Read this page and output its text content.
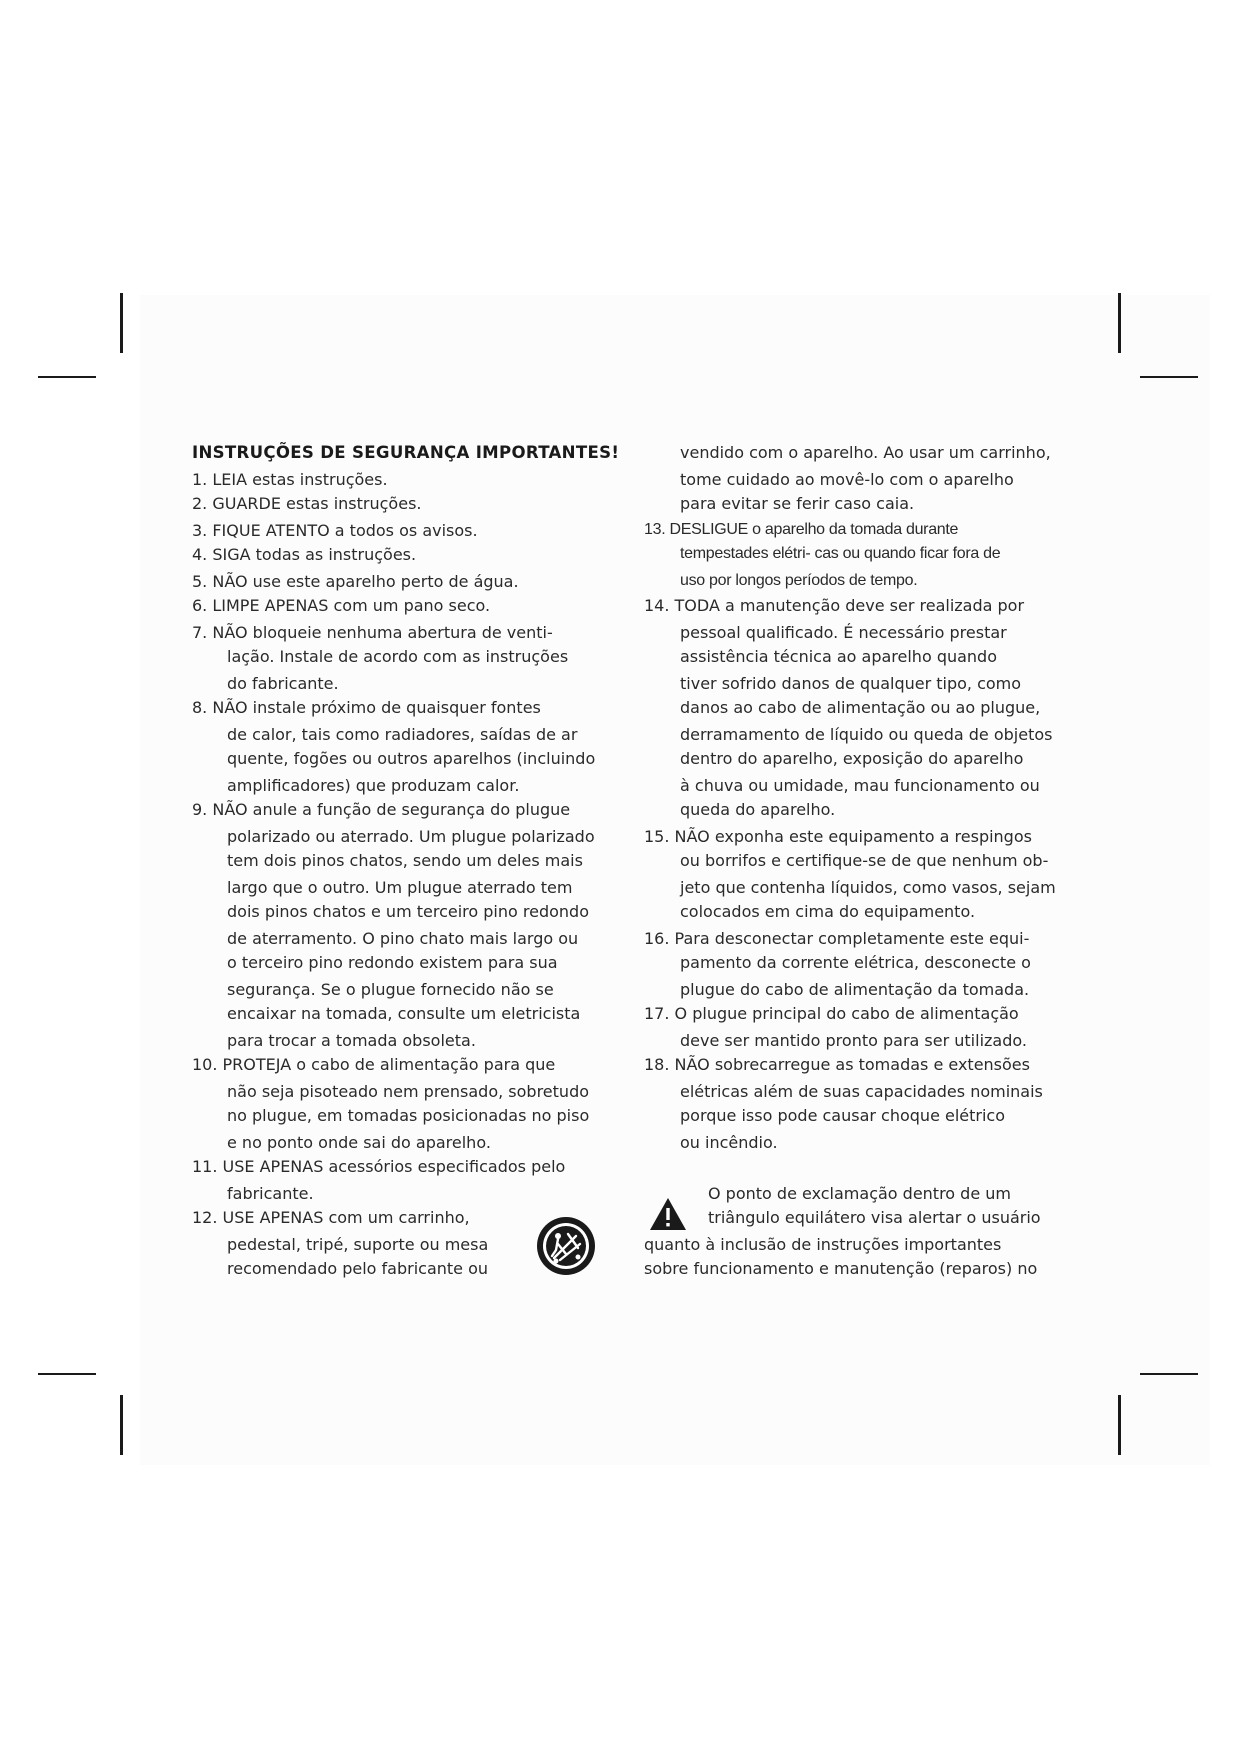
INSTRUÇÕES DE SEGURANÇA IMPORTANTES!
1. LEIA estas instruções.
2. GUARDE estas instruções.
3. FIQUE ATENTO a todos os avisos.
4. SIGA todas as instruções.
5. NÃO use este aparelho perto de água.
6. LIMPE APENAS com um pano seco.
7. NÃO bloqueie nenhuma abertura de venti-
lação. Instale de acordo com as instruções
do fabricante.
8. NÃO instale próximo de quaisquer fontes
de calor, tais como radiadores, saídas de ar
quente, fogões ou outros aparelhos (incluindo
amplificadores) que produzam calor.
9. NÃO anule a função de segurança do plugue
polarizado ou aterrado. Um plugue polarizado
tem dois pinos chatos, sendo um deles mais
largo que o outro. Um plugue aterrado tem
dois pinos chatos e um terceiro pino redondo
de aterramento. O pino chato mais largo ou
o terceiro pino redondo existem para sua
segurança. Se o plugue fornecido não se
encaixar na tomada, consulte um eletricista
para trocar a tomada obsoleta.
10. PROTEJA o cabo de alimentação para que
não seja pisoteado nem prensado, sobretudo
no plugue, em tomadas posicionadas no piso
e no ponto onde sai do aparelho.
11. USE APENAS acessórios especificados pelo
fabricante.
12. USE APENAS com um carrinho,
pedestal, tripé, suporte ou mesa
recomendado pelo fabricante ou
vendido com o aparelho. Ao usar um carrinho,
tome cuidado ao movê-lo com o aparelho
para evitar se ferir caso caia.
13. DESLIGUE o aparelho da tomada durante
tempestades elétri- cas ou quando ficar fora de
uso por longos períodos de tempo.
14. TODA a manutenção deve ser realizada por
pessoal qualificado. É necessário prestar
assistência técnica ao aparelho quando
tiver sofrido danos de qualquer tipo, como
danos ao cabo de alimentação ou ao plugue,
derramamento de líquido ou queda de objetos
dentro do aparelho, exposição do aparelho
à chuva ou umidade, mau funcionamento ou
queda do aparelho.
15. NÃO exponha este equipamento a respingos
ou borrifos e certifique-se de que nenhum ob-
jeto que contenha líquidos, como vasos, sejam
colocados em cima do equipamento.
16. Para desconectar completamente este equi-
pamento da corrente elétrica, desconecte o
plugue do cabo de alimentação da tomada.
17. O plugue principal do cabo de alimentação
deve ser mantido pronto para ser utilizado.
18. NÃO sobrecarregue as tomadas e extensões
elétricas além de suas capacidades nominais
porque isso pode causar choque elétrico
ou incêndio.
O ponto de exclamação dentro de um
triângulo equilátero visa alertar o usuário
quanto à inclusão de instruções importantes
sobre funcionamento e manutenção (reparos) no
